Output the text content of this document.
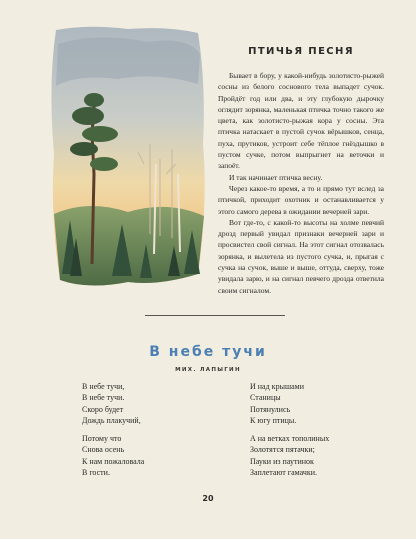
ПТИЧЬЯ ПЕСНЯ

Бывает в бору, у какой-нибудь золотисто-рыжей сосны из белого соснового тела выпадет сучок. Пройдёт год или два, и эту глубокую дырочку оглядит зорянка, маленькая птичка точно такого же цвета, как золотисто-рыжая кора у сосны. Эта птичка натаскает в пустой сучок вёрышков, сенца, пуха, прутиков, устроит себе тёплое гнёздышко в пустом сучке, потом выпрыгнет на веточки и запоёт.

И так начинает птичка весну.

Через какое-то время, а то и прямо тут вслед за птичкой, приходит охотник и останавливается у этого самого дерева в ожидании вечерней зари.

Вот где-то, с какой-то высоты на холме певчий дрозд первый увидал признаки вечерней зари и просвистел свой сигнал. На этот сигнал отозвалась зорянка, и вылетела из пустого сучка, и, прыгая с сучка на сучок, выше и выше, оттуда, сверху, тоже увидала зарю, и на сигнал певчего дрозда ответила своим сигналом.

В небе тучи
МИХ. ЛАПЫГИН
В небе тучи,
В небе тучи.
Скоро будет
Дождь плакучий,
Потому что
Снова осень
К нам пожаловала
В гости.
И над крышами
Станицы
Потянулись
К югу птицы.
А на ветках тополиных
Золотятся пятачки;
Пауки из паутинок
Заплетают гамачки.
20
